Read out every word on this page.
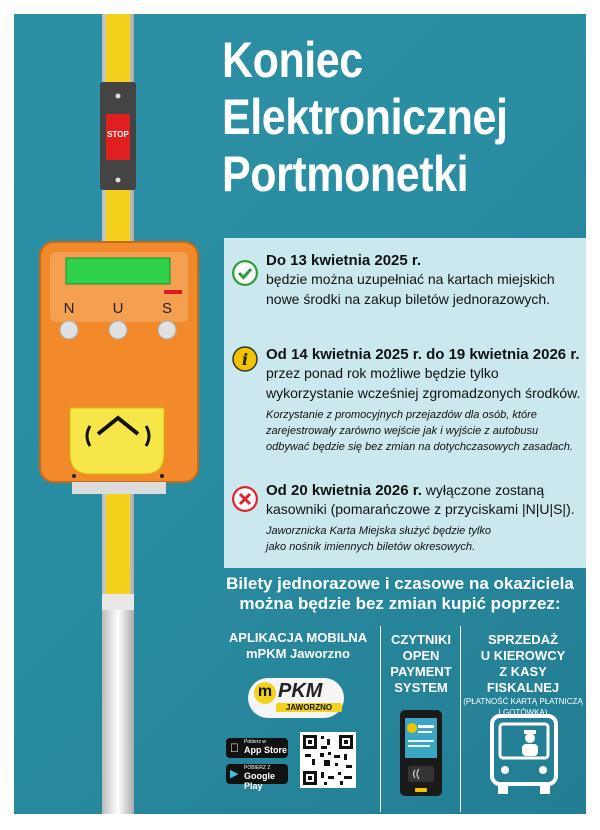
STOP
N	U	S
Koniec
Elektronicznej
Portmonetki
Do 13 kwietnia 2025 r.
będzie można uzupełniać na kartach miejskich
nowe środki na zakup biletów jednorazowych.
i Od 14 kwietnia 2025 r. do 19 kwietnia 2026 r.
przez ponad rok możliwe będzie tylko
wykorzystanie wcześniej zgromadzonych środków.
Korzystanie z promocyjnych przejazdów dla osób, które
zarejestrowały zarówno wejście jak i wyjście z autobusu
odbywać będzie się bez zmian na dotychczasowych zasadach.
Od 20 kwietnia 2026 r. wyłączone zostaną
kasowniki (pomarańczowe z przyciskami |N|U|S|).
Jaworznicka Karta Miejska służyć będzie tylko
jako nośnik imiennych biletów okresowych.
Bilety jednorazowe i czasowe na okaziciela
można będzie bez zmian kupić poprzez:
APLIKACJA MOBILNA
mPKM Jaworzno
m PKM
JAWORZNO
Pobierz w
App Store
▶ POBIERZ Z
Google Play
CZYTNIKI
OPEN
PAYMENT
SYSTEM
SPRZEDAŻ
U KIEROWCY
Z KASY FISKALNEJ
(PŁATNOŚĆ KARTĄ PŁATNICZĄ
I GOTÓWKĄ)
